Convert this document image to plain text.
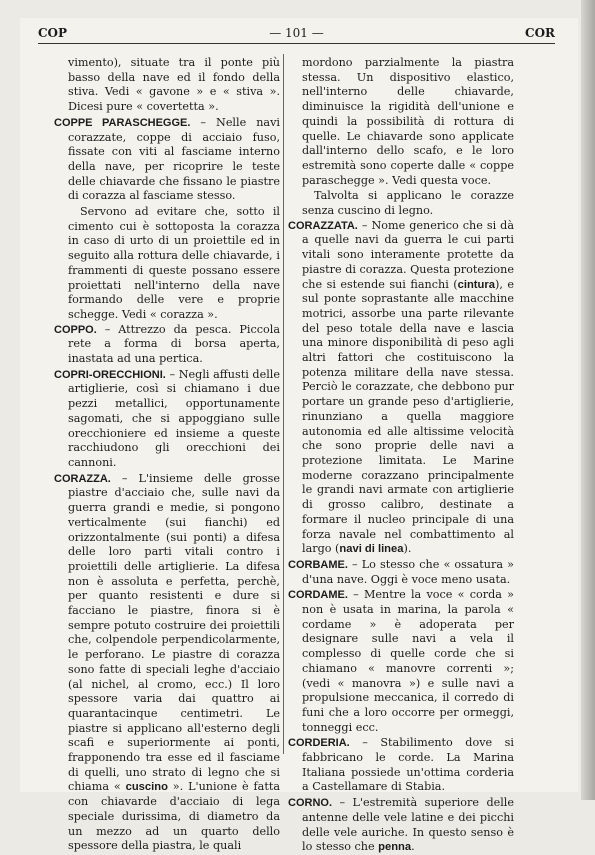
COP	— 101 —	COR

vimento), situate tra il ponte più basso della nave ed il fondo della stiva. Vedi « gavone » e « stiva ». Dicesi pure « covertetta ».

COPPE PARASCHEGGE. – Nelle navi corazzate, coppe di acciaio fuso, fissate con viti al fasciame interno della nave, per ricoprire le teste delle chiavarde che fissano le piastre di corazza al fasciame stesso.

Servono ad evitare che, sotto il cimento cui è sottoposta la corazza in caso di urto di un proiettile ed in seguito alla rottura delle chiavarde, i frammenti di queste possano essere proiettati nell'interno della nave formando delle vere e proprie schegge. Vedi « corazza ».

COPPO. – Attrezzo da pesca. Piccola rete a forma di borsa aperta, inastata ad una pertica.

COPRI-ORECCHIONI. – Negli affusti delle artiglierie, così si chiamano i due pezzi metallici, opportunamente sagomati, che si appoggiano sulle orecchioniere ed insieme a queste racchiudono gli orecchioni dei cannoni.

CORAZZA. – L'insieme delle grosse piastre d'acciaio che, sulle navi da guerra grandi e medie, si pongono verticalmente (sui fianchi) ed orizzontalmente (sui ponti) a difesa delle loro parti vitali contro i proiettili delle artiglierie. La difesa non è assoluta e perfetta, perchè, per quanto resistenti e dure si facciano le piastre, finora si è sempre potuto costruire dei proiettili che, colpendole perpendicolarmente, le perforano. Le piastre di corazza sono fatte di speciali leghe d'acciaio (al nichel, al cromo, ecc.) Il loro spessore varia dai quattro ai quarantacinque centimetri. Le piastre si applicano all'esterno degli scafi e superiormente ai ponti, frapponendo tra esse ed il fasciame di quelli, uno strato di legno che si chiama « cuscino ». L'unione è fatta con chiavarde d'acciaio di lega speciale durissima, di diametro da un mezzo ad un quarto dello spessore della piastra, le quali

mordono parzialmente la piastra stessa. Un dispositivo elastico, nell'interno delle chiavarde, diminuisce la rigidità dell'unione e quindi la possibilità di rottura di quelle. Le chiavarde sono applicate dall'interno dello scafo, e le loro estremità sono coperte dalle « coppe paraschegge ». Vedi questa voce.

Talvolta si applicano le corazze senza cuscino di legno.

CORAZZATA. – Nome generico che si dà a quelle navi da guerra le cui parti vitali sono interamente protette da piastre di corazza. Questa protezione che si estende sui fianchi (cintura), e sul ponte soprastante alle macchine motrici, assorbe una parte rilevante del peso totale della nave e lascia una minore disponibilità di peso agli altri fattori che costituiscono la potenza militare della nave stessa. Perciò le corazzate, che debbono pur portare un grande peso d'artiglierie, rinunziano a quella maggiore autonomia ed alle altissime velocità che sono proprie delle navi a protezione limitata. Le Marine moderne corazzano principalmente le grandi navi armate con artiglierie di grosso calibro, destinate a formare il nucleo principale di una forza navale nel combattimento al largo (navi di linea).

CORBAME. – Lo stesso che « ossatura » d'una nave. Oggi è voce meno usata.

CORDAME. – Mentre la voce « corda » non è usata in marina, la parola « cordame » è adoperata per designare sulle navi a vela il complesso di quelle corde che si chiamano « manovre correnti »; (vedi « manovra ») e sulle navi a propulsione meccanica, il corredo di funi che a loro occorre per ormeggi, tonneggi ecc.

CORDERIA. – Stabilimento dove si fabbricano le corde. La Marina Italiana possiede un'ottima corderia a Castellamare di Stabia.

CORNO. – L'estremità superiore delle antenne delle vele latine e dei picchi delle vele auriche. In questo senso è lo stesso che penna.
